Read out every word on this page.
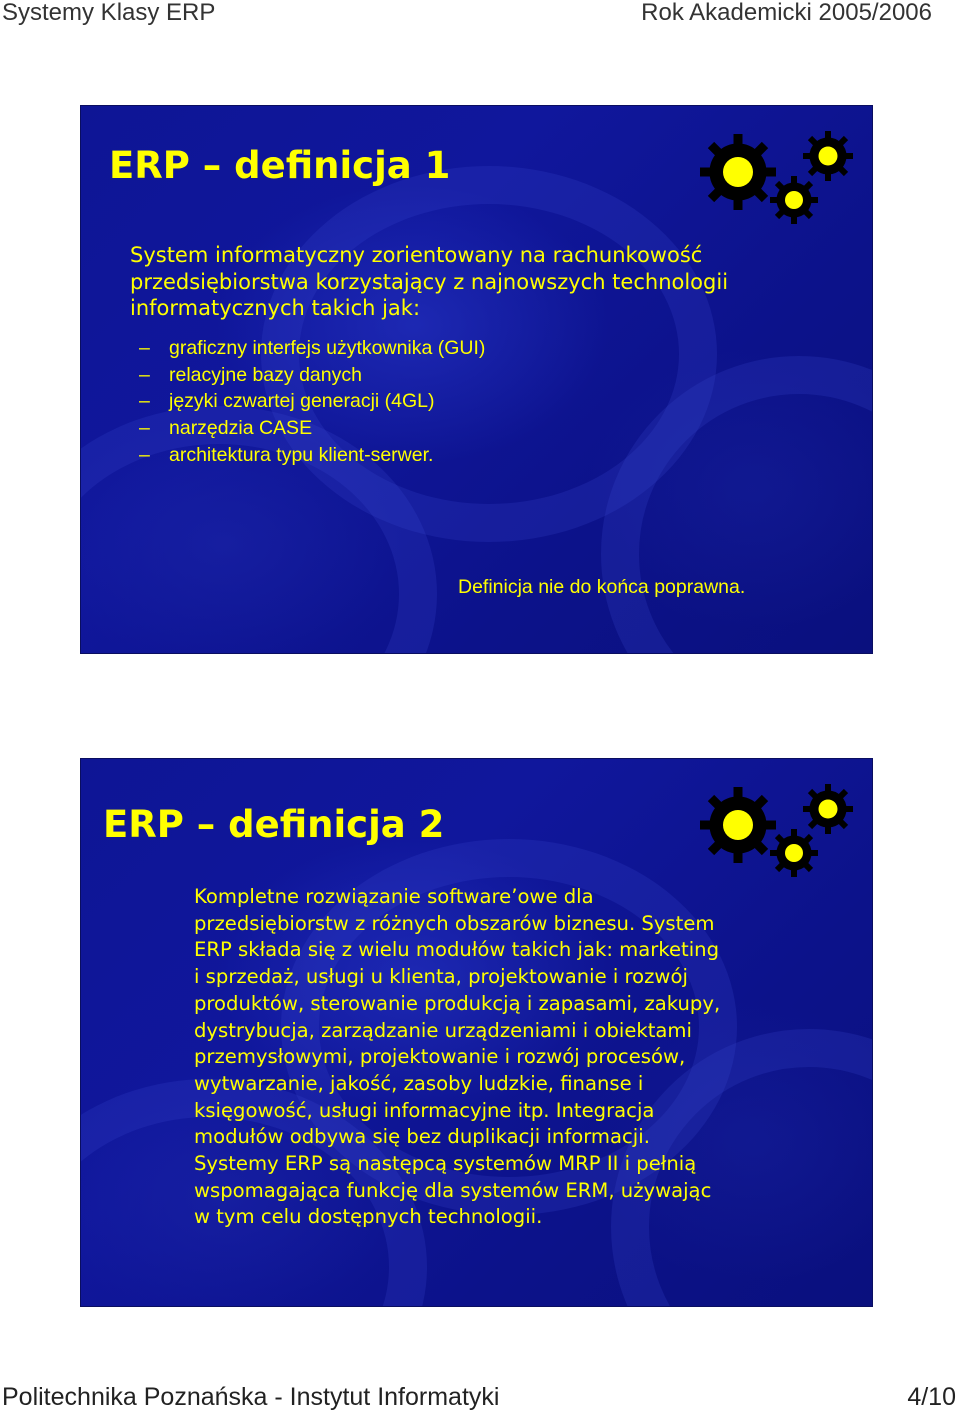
Systemy Klasy ERP	Rok Akademicki 2005/2006
ERP – definicja 1
System informatyczny zorientowany na rachunkowość przedsiębiorstwa korzystający z najnowszych technologii informatycznych takich jak:
– graficzny interfejs użytkownika (GUI)
– relacyjne bazy danych
– języki czwartej generacji (4GL)
– narzędzia CASE
– architektura typu klient-serwer.
Definicja nie do końca poprawna.
ERP – definicja 2
Kompletne rozwiązanie software’owe dla
przedsiębiorstw z różnych obszarów biznesu. System
ERP składa się z wielu modułów takich jak: marketing
i sprzedaż, usługi u klienta, projektowanie i rozwój
produktów, sterowanie produkcją i zapasami, zakupy,
dystrybucja, zarządzanie urządzeniami i obiektami
przemysłowymi, projektowanie i rozwój procesów,
wytwarzanie, jakość, zasoby ludzkie, finanse i
księgowość, usługi informacyjne itp. Integracja
modułów odbywa się bez duplikacji informacji.
Systemy ERP są następcą systemów MRP II i pełnią
wspomagająca funkcję dla systemów ERM, używając
w tym celu dostępnych technologii.
Politechnika Poznańska - Instytut Informatyki	4/10
